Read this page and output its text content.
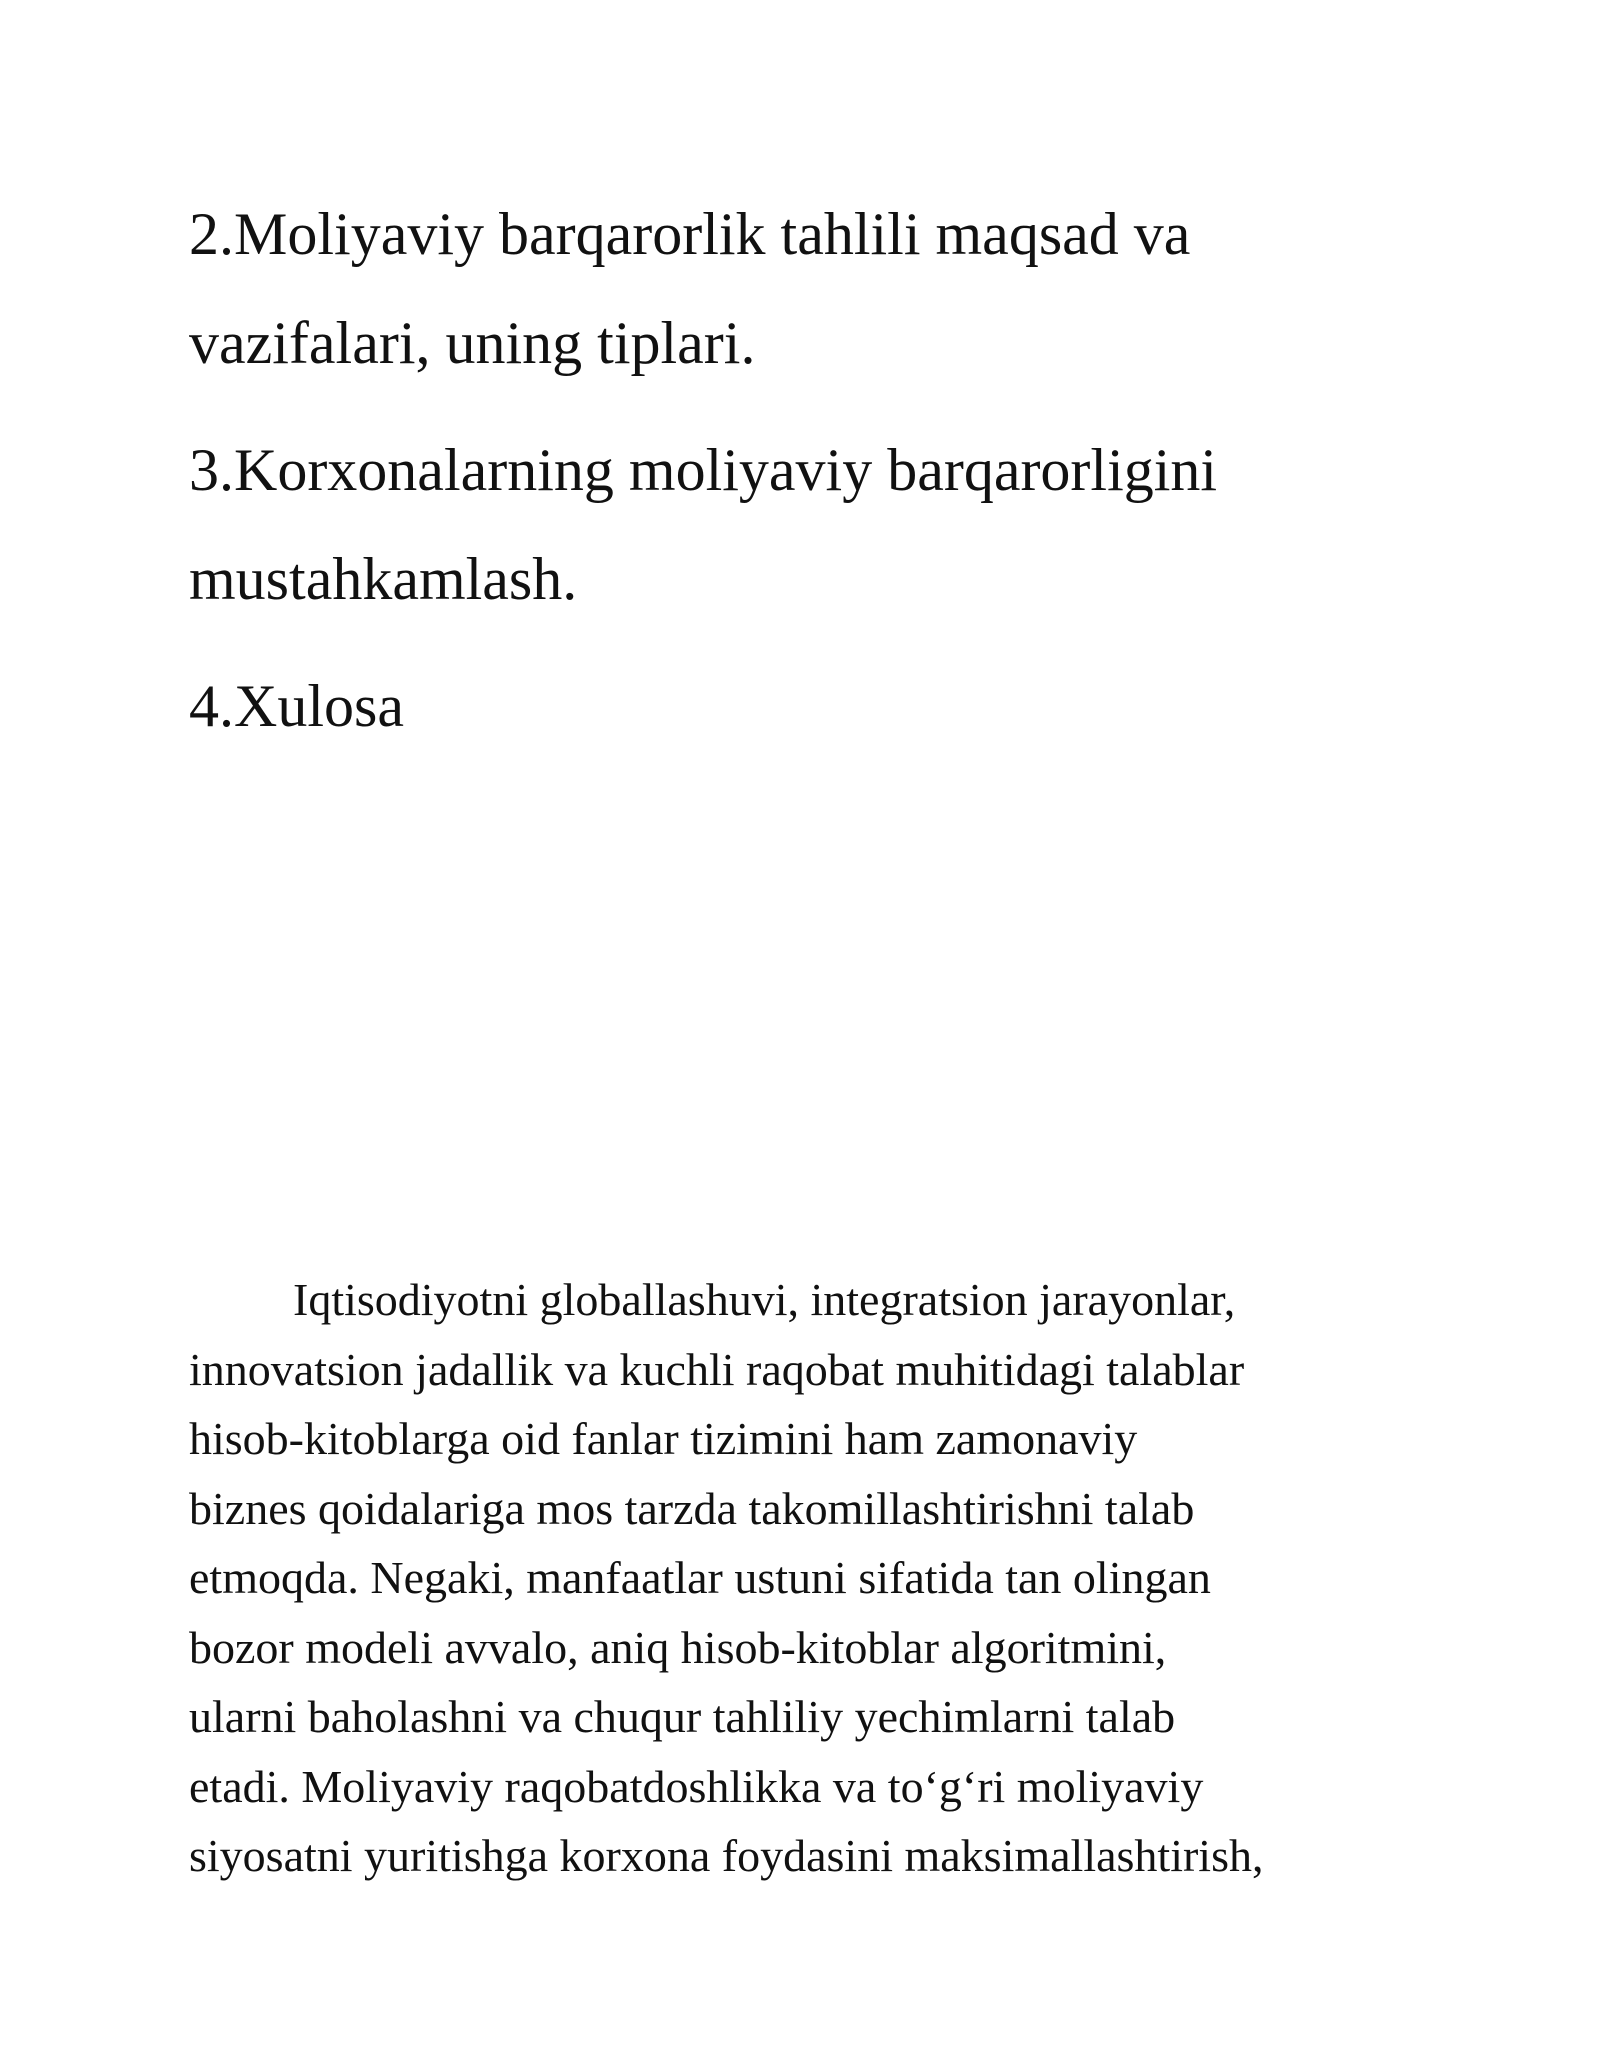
2.Moliyaviy barqarorlik tahlili maqsad va
vazifalari, uning tiplari.
3.Korxonalarning moliyaviy barqarorligini
mustahkamlash.
4.Xulosa
Iqtisodiyotni globallashuvi, integratsion jarayonlar,
innovatsion jadallik va kuchli raqobat muhitidagi talablar
hisob-kitoblarga oid fanlar tizimini ham zamonaviy
biznes qoidalariga mos tarzda takomillashtirishni talab
etmoqda. Negaki, manfaatlar ustuni sifatida tan olingan
bozor modeli avvalo, aniq hisob-kitoblar algoritmini,
ularni baholashni va chuqur tahliliy yechimlarni talab
etadi. Moliyaviy raqobatdoshlikka va to‘g‘ri moliyaviy
siyosatni yuritishga korxona foydasini maksimallashtirish,
